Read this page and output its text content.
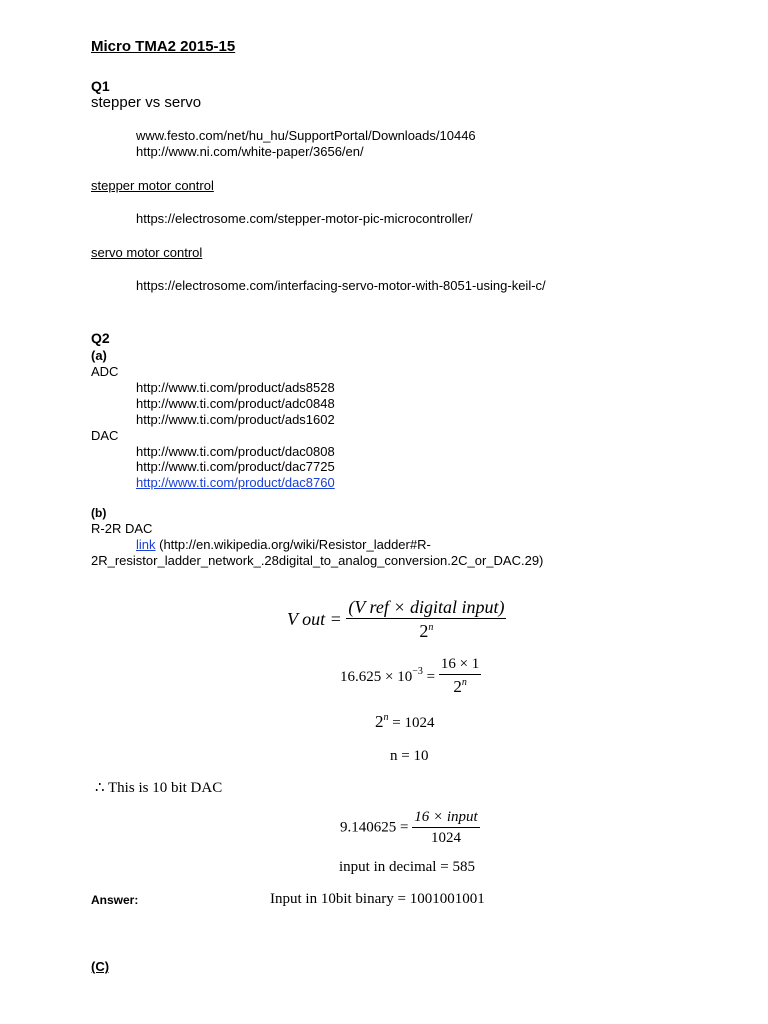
Micro TMA2 2015-15
Q1
stepper vs servo
www.festo.com/net/hu_hu/SupportPortal/Downloads/10446
http://www.ni.com/white-paper/3656/en/
stepper motor control
https://electrosome.com/stepper-motor-pic-microcontroller/
servo motor control
https://electrosome.com/interfacing-servo-motor-with-8051-using-keil-c/
Q2
(a)
ADC
http://www.ti.com/product/ads8528
http://www.ti.com/product/adc0848
http://www.ti.com/product/ads1602
DAC
http://www.ti.com/product/dac0808
http://www.ti.com/product/dac7725
http://www.ti.com/product/dac8760
(b)
R-2R DAC
link (http://en.wikipedia.org/wiki/Resistor_ladder#R-
2R_resistor_ladder_network_.28digital_to_analog_conversion.2C_or_DAC.29)
V out = $\frac{\text{(V ref × digital input)}}{2^n}$
$16.625 \times 10^{-3} = \frac{16 \times 1}{2^n}$
$2^n = 1024$
n = 10
∴ This is 10 bit DAC
$9.140625 = \frac{\text{16 × input}}{1024}$
input in decimal = 585
Answer:	Input in 10bit binary = 1001001001
(C)
